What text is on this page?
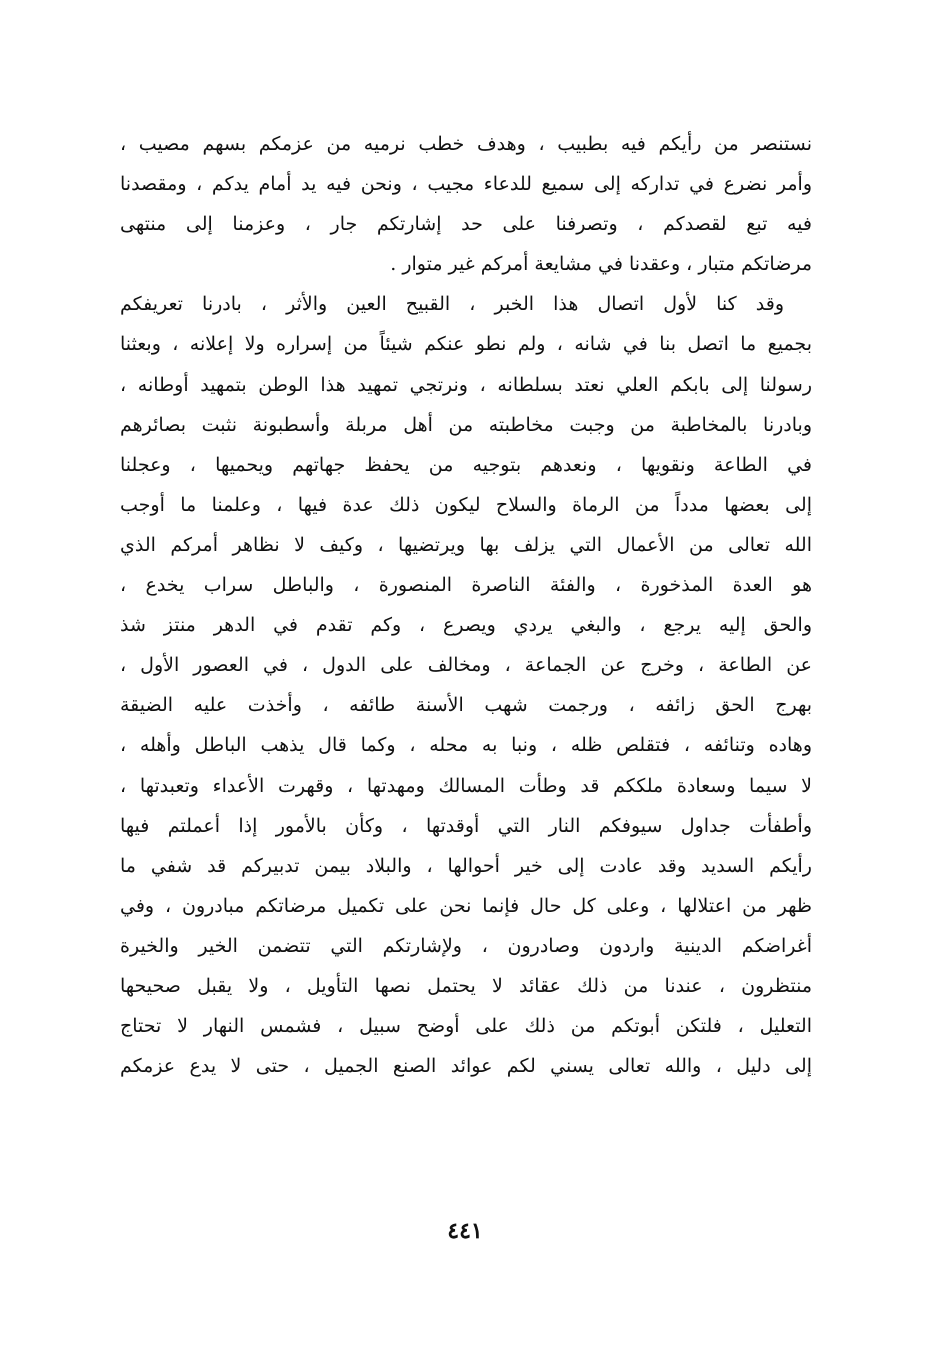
نستنصر من رأيكم فيه بطبيب ، وهدف خطب نرميه من عزمكم بسهم مصيب ،
وأمر نضرع في تداركه إلى سميع للدعاء مجيب ، ونحن فيه يد أمام يدكم ، ومقصدنا
فيه تبع لقصدكم ، وتصرفنا على حد إشارتكم جار ، وعزمنا إلى منتهى
مرضاتكم متبار ، وعقدنا في مشايعة أمركم غير متوار .
وقد كنا لأول اتصال هذا الخبر ، القبيح العين والأثر ، بادرنا تعريفكم
بجميع ما اتصل بنا في شانه ، ولم نطو عنكم شيئاً من إسراره ولا إعلانه ، وبعثنا
رسولنا إلى بابكم العلي نعتد بسلطانه ، ونرتجي تمهيد هذا الوطن بتمهيد أوطانه ،
وبادرنا بالمخاطبة من وجبت مخاطبته من أهل مربلة وأسطبونة نثبت بصائرهم
في الطاعة ونقويها ، ونعدهم بتوجيه من يحفظ جهاتهم ويحميها ، وعجلنا
إلى بعضها مدداً من الرماة والسلاح ليكون ذلك عدة فيها ، وعلمنا ما أوجب
الله تعالى من الأعمال التي يزلف بها ويرتضيها ، وكيف لا نظاهر أمركم الذي
هو العدة المذخورة ، والفئة الناصرة المنصورة ، والباطل سراب يخدع ،
والحق إليه يرجع ، والبغي يردي ويصرع ، وكم تقدم في الدهر منتز شذ
عن الطاعة ، وخرج عن الجماعة ، ومخالف على الدول ، في العصور الأول ،
بهرج الحق زائفه ، ورجمت شهب الأسنة طائفه ، وأخذت عليه الضيقة
وهاده وتنائفه ، فتقلص ظله ، ونبا به محله ، وكما قال يذهب الباطل وأهله ،
لا سيما وسعادة ملككم قد وطأت المسالك ومهدتها ، وقهرت الأعداء وتعبدتها ،
وأطفأت جداول سيوفكم النار التي أوقدتها ، وكأن بالأمور إذا أعملتم فيها
رأيكم السديد وقد عادت إلى خير أحوالها ، والبلاد بيمن تدبيركم قد شفي ما
ظهر من اعتلالها ، وعلى كل حال فإنما نحن على تكميل مرضاتكم مبادرون ، وفي
أغراضكم الدينية واردون وصادرون ، ولإشارتكم التي تتضمن الخير والخيرة
منتظرون ، عندنا من ذلك عقائد لا يحتمل نصها التأويل ، ولا يقبل صحيحها
التعليل ، فلتكن أبوتكم من ذلك على أوضح سبيل ، فشمس النهار لا تحتاج
إلى دليل ، والله تعالى يسني لكم عوائد الصنع الجميل ، حتى لا يدع عزمكم
٤٤١
